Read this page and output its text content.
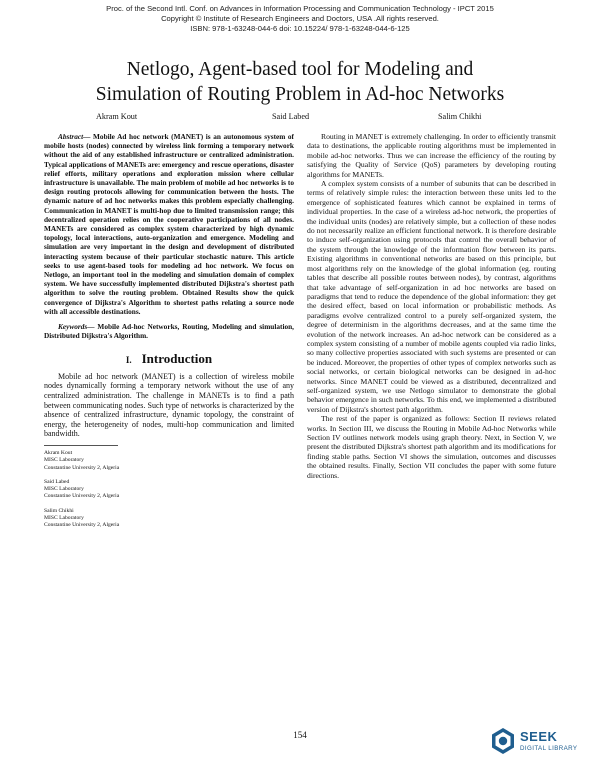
Proc. of the Second Intl. Conf. on Advances in Information Processing and Communication Technology - IPCT 2015
Copyright © Institute of Research Engineers and Doctors, USA .All rights reserved.
ISBN: 978-1-63248-044-6 doi: 10.15224/ 978-1-63248-044-6-125
Netlogo, Agent-based tool for Modeling and
Simulation of Routing Problem in Ad-hoc Networks
Akram Kout	Said Labed	Salim Chikhi

Abstract— Mobile Ad hoc network (MANET) is an autonomous system of mobile hosts (nodes) connected by wireless link forming a temporary network without the aid of any established infrastructure or centralized administration. Typical applications of MANETs are: emergency and rescue operations, disaster relief efforts, military operations and exploration mission where cellular infrastructure is unavailable. The main problem of mobile ad hoc networks is to design routing protocols allowing for communication between the hosts. The dynamic nature of ad hoc networks makes this problem especially challenging. Communication in MANET is multi-hop due to limited transmission range; this decentralized operation relies on the cooperative participations of all nodes. MANETs are considered as complex system characterized by high dynamic topology, local interactions, auto-organization and emergence. Modeling and simulation are very important in the design and development of distributed interacting system because of their particular stochastic nature. This article seeks to use agent-based tools for modeling ad hoc network. We focus on Netlogo, an important tool in the modeling and simulation domain of complex system. We have successfully implemented distributed Dijkstra's shortest path algorithm to solve the routing problem. Obtained Results show the quick convergence of Dijkstra's Algorithm to shortest paths relating a source node with all accessible destinations.

Keywords— Mobile Ad-hoc Networks, Routing, Modeling and simulation, Distributed Dijkstra's Algorithm.

I. Introduction

Mobile ad hoc network (MANET) is a collection of wireless mobile nodes dynamically forming a temporary network without the use of any centralized administration. The challenge in MANETs is to find a path between communicating nodes. Such type of networks is characterized by the absence of centralized infrastructure, dynamic topology, the constraint of energy, the heterogeneity of nodes, multi-hop communication and limited bandwidth.

Akram Kout
MISC Laboratory
Constantine University 2, Algeria
Said Labed
MISC Laboratory
Constantine University 2, Algeria
Salim Chikhi
MISC Laboratory
Constantine University 2, Algeria

Routing in MANET is extremely challenging. In order to efficiently transmit data to destinations, the applicable routing algorithms must be implemented in mobile ad-hoc networks. Thus we can increase the efficiency of the routing by satisfying the Quality of Service (QoS) parameters by developing routing algorithms for MANETs.

A complex system consists of a number of subunits that can be described in terms of relatively simple rules: the interaction between these units led to the emergence of sophisticated features which cannot be explained in terms of individual properties. In the case of a wireless ad-hoc network, the properties of the individual units (nodes) are relatively simple, but a collection of these nodes do not necessarily realize an efficient functional network. It is therefore desirable to induce self-organization using protocols that control the overall behavior of the system through the knowledge of the information flow between its parts. Existing algorithms in conventional networks are based on this principle, but most algorithms rely on the knowledge of the global information (eg. routing tables that describe all possible routes between nodes), by contrast, algorithms that take advantage of self-organization in ad hoc networks are based on paradigms that tend to reduce the dependence of the global information: they get the desired effect, based on local information or probabilistic methods. As paradigms evolve centralized control to a purely self-organized system, the degree of determinism in the algorithms decreases, and at the same time the evolution of the network increases. An ad-hoc network can be considered as a complex system consisting of a number of mobile agents coupled via radio links, so many collective properties associated with such systems are presented or can be induced. Moreover, the properties of other types of complex networks such as social networks, or certain biological networks can be designed in ad-hoc networks. Since MANET could be viewed as a distributed, decentralized and self-organized system, we use Netlogo simulator to demonstrate the global behavior emergence in such networks. To this end, we implemented a distributed version of Dijkstra's shortest path algorithm.

The rest of the paper is organized as follows: Section II reviews related works. In Section III, we discuss the Routing in Mobile Ad-hoc Networks while Section IV outlines network models using graph theory. Next, in Section V, we present the distributed Dijkstra's shortest path algorithm and its modifications for finding stable paths. Section VI shows the simulation, outcomes and discusses the obtained results. Finally, Section VII concludes the paper with some future directions.

154	SEEK
DIGITAL LIBRARY
